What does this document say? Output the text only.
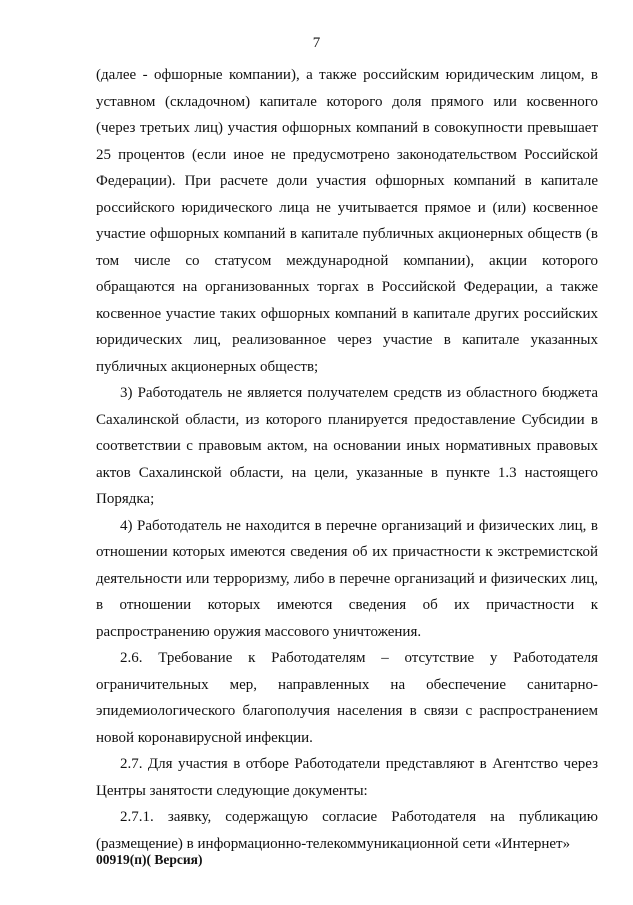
7

(далее - офшорные компании), а также российским юридическим лицом, в уставном (складочном) капитале которого доля прямого или косвенного (через третьих лиц) участия офшорных компаний в совокупности превышает 25 процентов (если иное не предусмотрено законодательством Российской Федерации). При расчете доли участия офшорных компаний в капитале российского юридического лица не учитывается прямое и (или) косвенное участие офшорных компаний в капитале публичных акционерных обществ (в том числе со статусом международной компании), акции которого обращаются на организованных торгах в Российской Федерации, а также косвенное участие таких офшорных компаний в капитале других российских юридических лиц, реализованное через участие в капитале указанных публичных акционерных обществ;

3) Работодатель не является получателем средств из областного бюджета Сахалинской области, из которого планируется предоставление Субсидии в соответствии с правовым актом, на основании иных нормативных правовых актов Сахалинской области, на цели, указанные в пункте 1.3 настоящего Порядка;

4) Работодатель не находится в перечне организаций и физических лиц, в отношении которых имеются сведения об их причастности к экстремистской деятельности или терроризму, либо в перечне организаций и физических лиц, в отношении которых имеются сведения об их причастности к распространению оружия массового уничтожения.

2.6. Требование к Работодателям – отсутствие у Работодателя ограничительных мер, направленных на обеспечение санитарно-эпидемиологического благополучия населения в связи с распространением новой коронавирусной инфекции.

2.7. Для участия в отборе Работодатели представляют в Агентство через Центры занятости следующие документы:

2.7.1. заявку, содержащую согласие Работодателя на публикацию (размещение) в информационно-телекоммуникационной сети «Интернет»

00919(п)( Версия)
